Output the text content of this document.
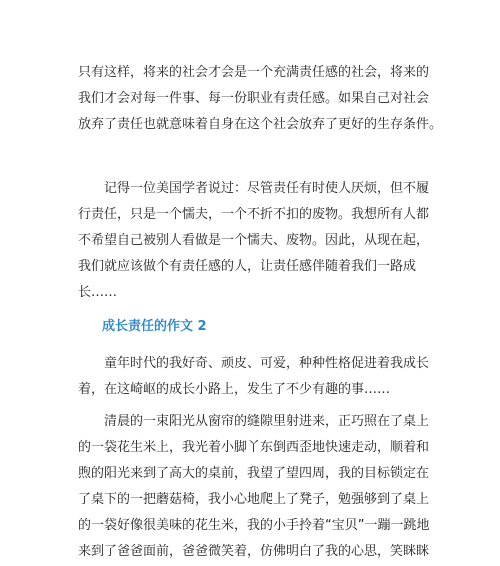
只有这样，将来的社会才会是一个充满责任感的社会，将来的
我们才会对每一件事、每一份职业有责任感。如果自己对社会
放弃了责任也就意味着自身在这个社会放弃了更好的生存条件。
　　记得一位美国学者说过：尽管责任有时使人厌烦，但不履
行责任，只是一个懦夫，一个不折不扣的废物。我想所有人都
不希望自己被别人看做是一个懦夫、废物。因此，从现在起，
我们就应该做个有责任感的人，让责任感伴随着我们一路成
长……
成长责任的作文 2
　　童年时代的我好奇、顽皮、可爱，种种性格促进着我成长
着，在这崎岖的成长小路上，发生了不少有趣的事……
　　清晨的一束阳光从窗帘的缝隙里射进来，正巧照在了桌上
的一袋花生米上，我光着小脚丫东倒西歪地快速走动，顺着和
煦的阳光来到了高大的桌前，我望了望四周，我的目标锁定在
了桌下的一把蘑菇椅，我小心地爬上了凳子，勉强够到了桌上
的一袋好像很美味的花生米，我的小手拎着“宝贝”一蹦一跳地
来到了爸爸面前，爸爸微笑着，仿佛明白了我的心思，笑眯眯
